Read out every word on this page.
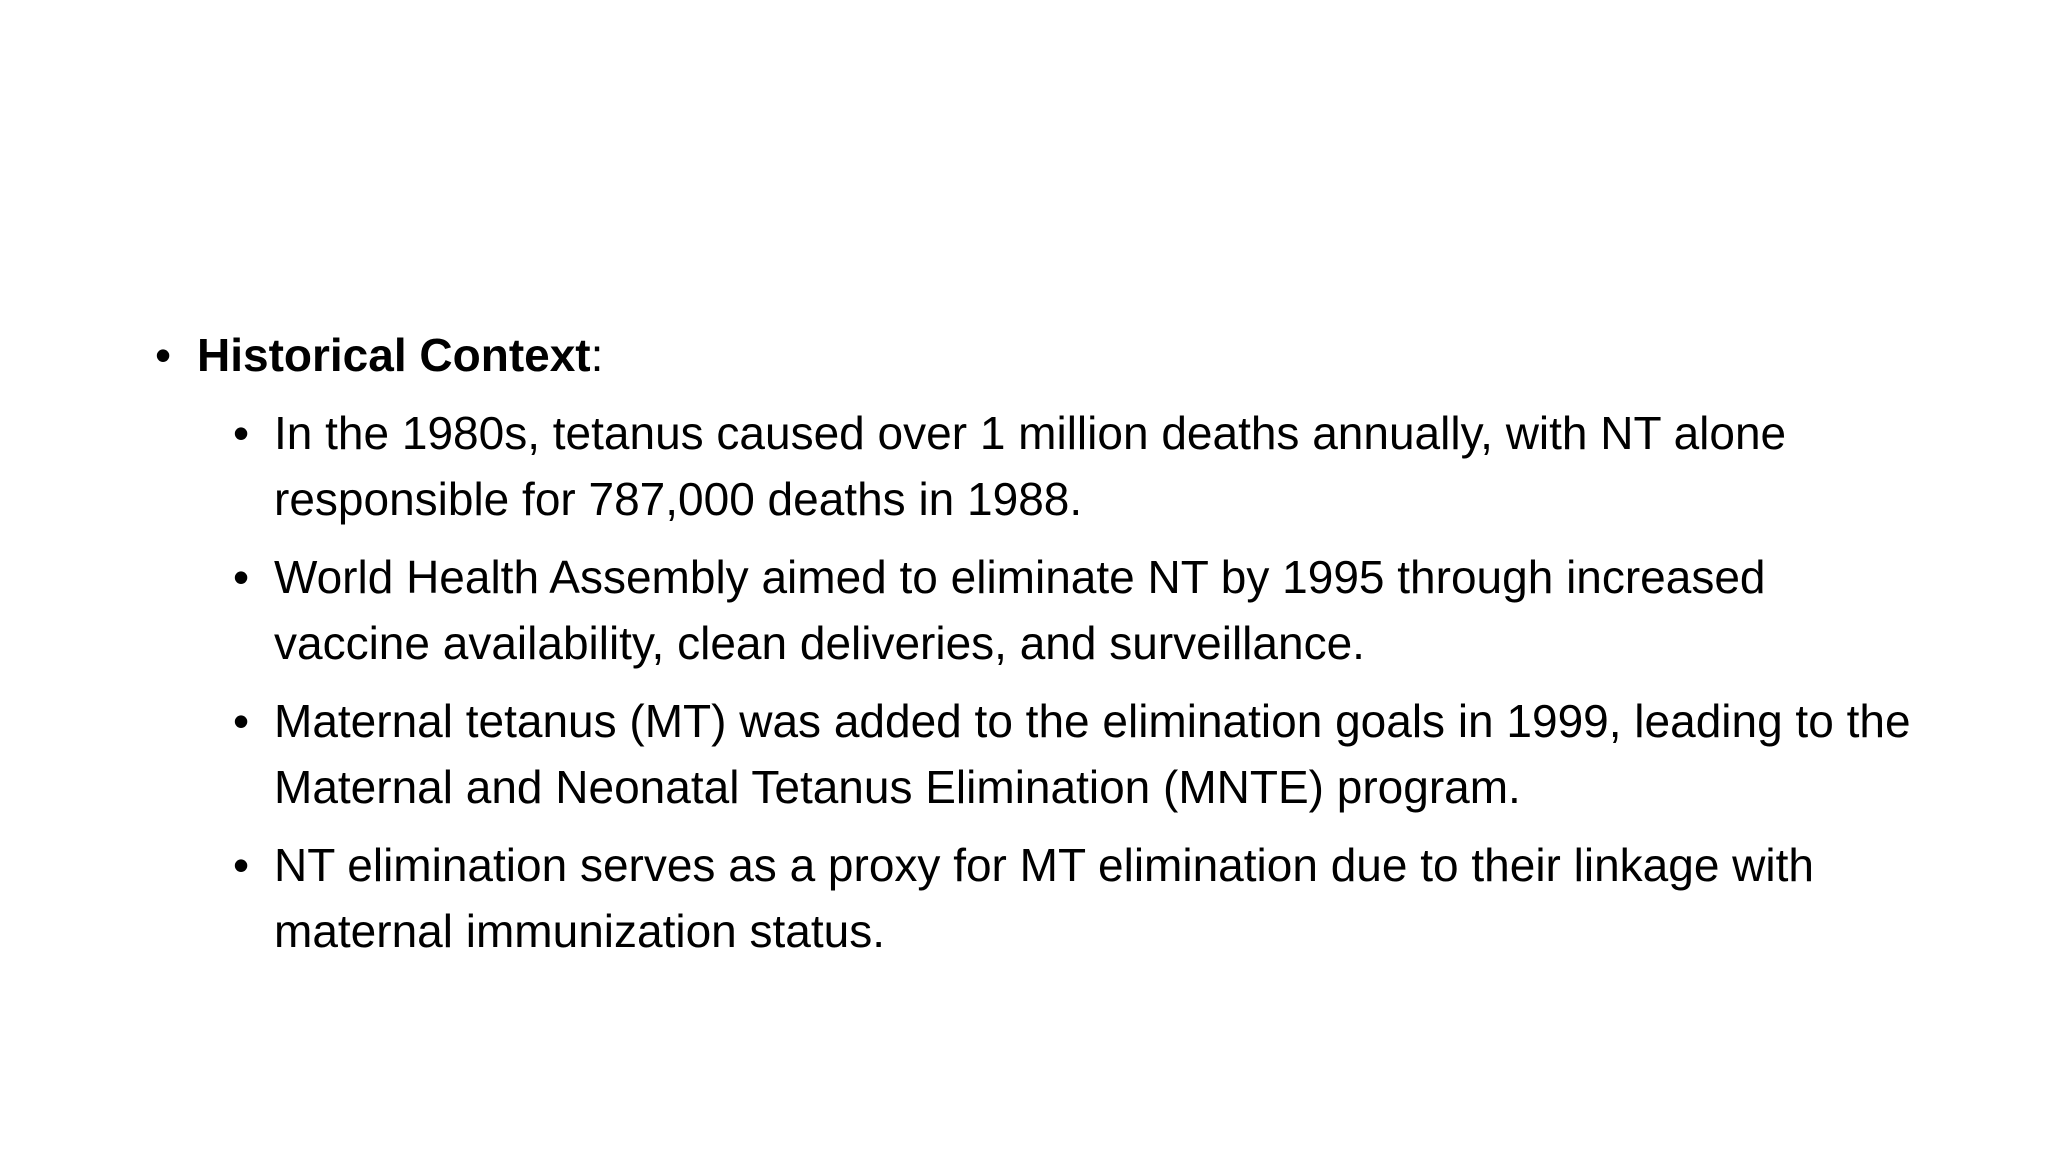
• Historical Context:

• In the 1980s, tetanus caused over 1 million deaths annually, with NT alone responsible for 787,000 deaths in 1988.
• World Health Assembly aimed to eliminate NT by 1995 through increased vaccine availability, clean deliveries, and surveillance.
• Maternal tetanus (MT) was added to the elimination goals in 1999, leading to the Maternal and Neonatal Tetanus Elimination (MNTE) program.
• NT elimination serves as a proxy for MT elimination due to their linkage with maternal immunization status.
